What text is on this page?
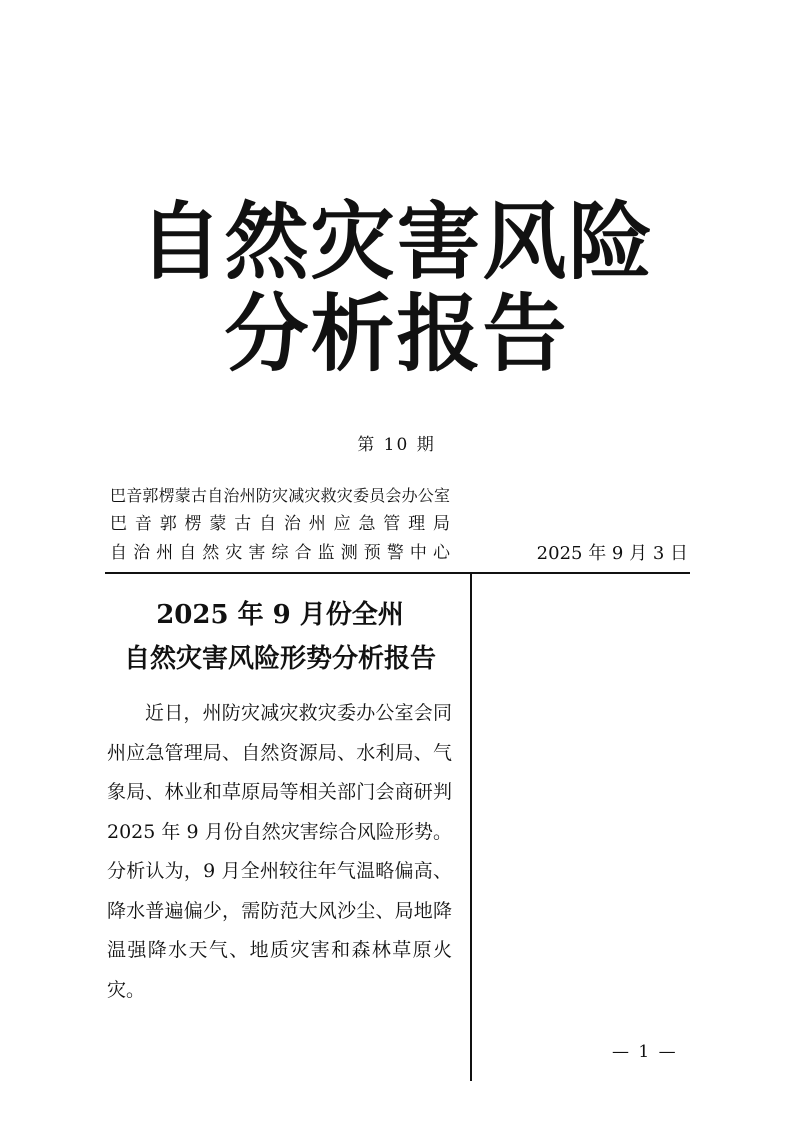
自然灾害风险
分析报告
第 10 期
巴音郭楞蒙古自治州防灾减灾救灾委员会办公室
巴音郭楞蒙古自治州应急管理局
自治州自然灾害综合监测预警中心	2025 年 9 月 3 日
2025 年 9 月份全州
自然灾害风险形势分析报告
近日，州防灾减灾救灾委办公室会同州应急管理局、自然资源局、水利局、气象局、林业和草原局等相关部门会商研判 2025 年 9 月份自然灾害综合风险形势。分析认为，9 月全州较往年气温略偏高、降水普遍偏少，需防范大风沙尘、局地降温强降水天气、地质灾害和森林草原火灾。
— 1 —
